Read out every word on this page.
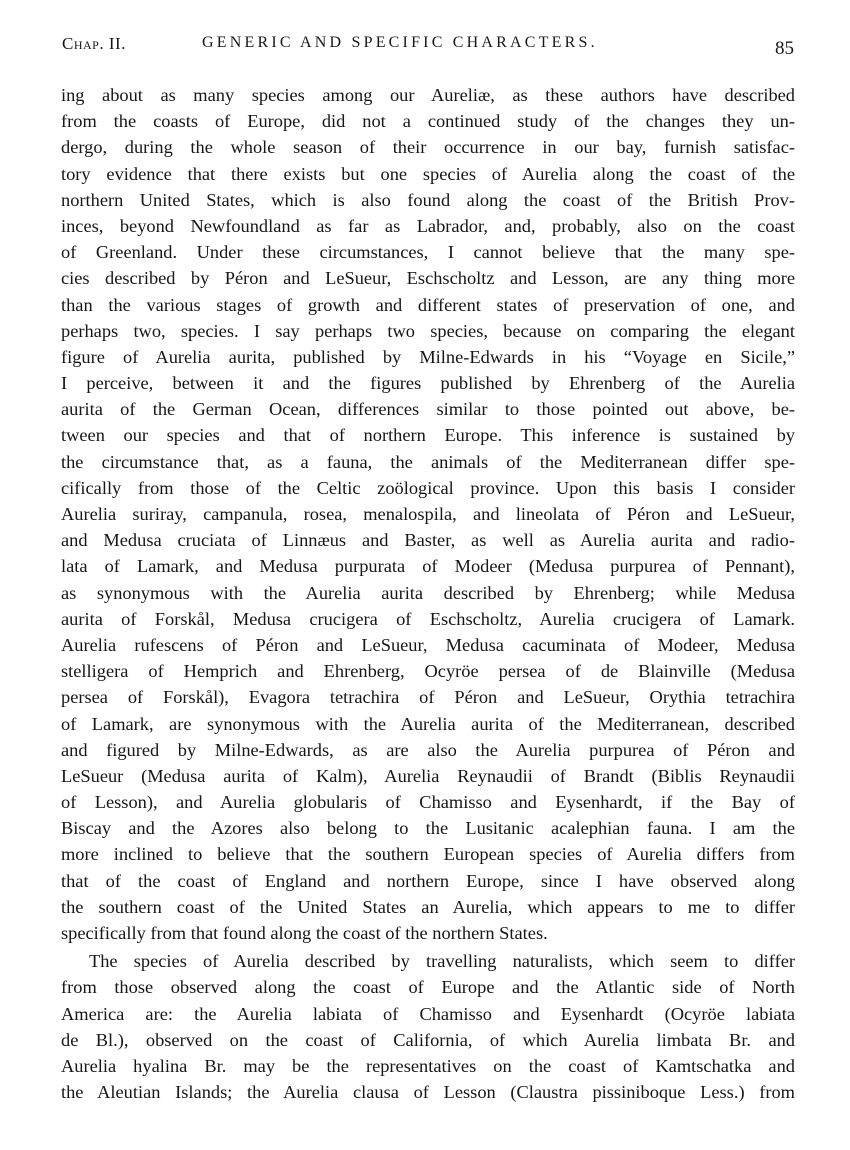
Chap. II.	GENERIC AND SPECIFIC CHARACTERS.	85
ing about as many species among our Aureliæ, as these authors have described
from the coasts of Europe, did not a continued study of the changes they un-
dergo, during the whole season of their occurrence in our bay, furnish satisfac-
tory evidence that there exists but one species of Aurelia along the coast of the
northern United States, which is also found along the coast of the British Prov-
inces, beyond Newfoundland as far as Labrador, and, probably, also on the coast
of Greenland. Under these circumstances, I cannot believe that the many spe-
cies described by Péron and LeSueur, Eschscholtz and Lesson, are any thing more
than the various stages of growth and different states of preservation of one, and
perhaps two, species. I say perhaps two species, because on comparing the elegant
figure of Aurelia aurita, published by Milne-Edwards in his “Voyage en Sicile,”
I perceive, between it and the figures published by Ehrenberg of the Aurelia
aurita of the German Ocean, differences similar to those pointed out above, be-
tween our species and that of northern Europe. This inference is sustained by
the circumstance that, as a fauna, the animals of the Mediterranean differ spe-
cifically from those of the Celtic zoölogical province. Upon this basis I consider
Aurelia suriray, campanula, rosea, menalospila, and lineolata of Péron and LeSueur,
and Medusa cruciata of Linnæus and Baster, as well as Aurelia aurita and radio-
lata of Lamark, and Medusa purpurata of Modeer (Medusa purpurea of Pennant),
as synonymous with the Aurelia aurita described by Ehrenberg; while Medusa
aurita of Forskål, Medusa crucigera of Eschscholtz, Aurelia crucigera of Lamark.
Aurelia rufescens of Péron and LeSueur, Medusa cacuminata of Modeer, Medusa
stelligera of Hemprich and Ehrenberg, Ocyröe persea of de Blainville (Medusa
persea of Forskål), Evagora tetrachira of Péron and LeSueur, Orythia tetrachira
of Lamark, are synonymous with the Aurelia aurita of the Mediterranean, described
and figured by Milne-Edwards, as are also the Aurelia purpurea of Péron and
LeSueur (Medusa aurita of Kalm), Aurelia Reynaudii of Brandt (Biblis Reynaudii
of Lesson), and Aurelia globularis of Chamisso and Eysenhardt, if the Bay of
Biscay and the Azores also belong to the Lusitanic acalephian fauna. I am the
more inclined to believe that the southern European species of Aurelia differs from
that of the coast of England and northern Europe, since I have observed along
the southern coast of the United States an Aurelia, which appears to me to differ
specifically from that found along the coast of the northern States.
The species of Aurelia described by travelling naturalists, which seem to differ
from those observed along the coast of Europe and the Atlantic side of North
America are: the Aurelia labiata of Chamisso and Eysenhardt (Ocyröe labiata
de Bl.), observed on the coast of California, of which Aurelia limbata Br. and
Aurelia hyalina Br. may be the representatives on the coast of Kamtschatka and
the Aleutian Islands; the Aurelia clausa of Lesson (Claustra pissiniboque Less.) from
